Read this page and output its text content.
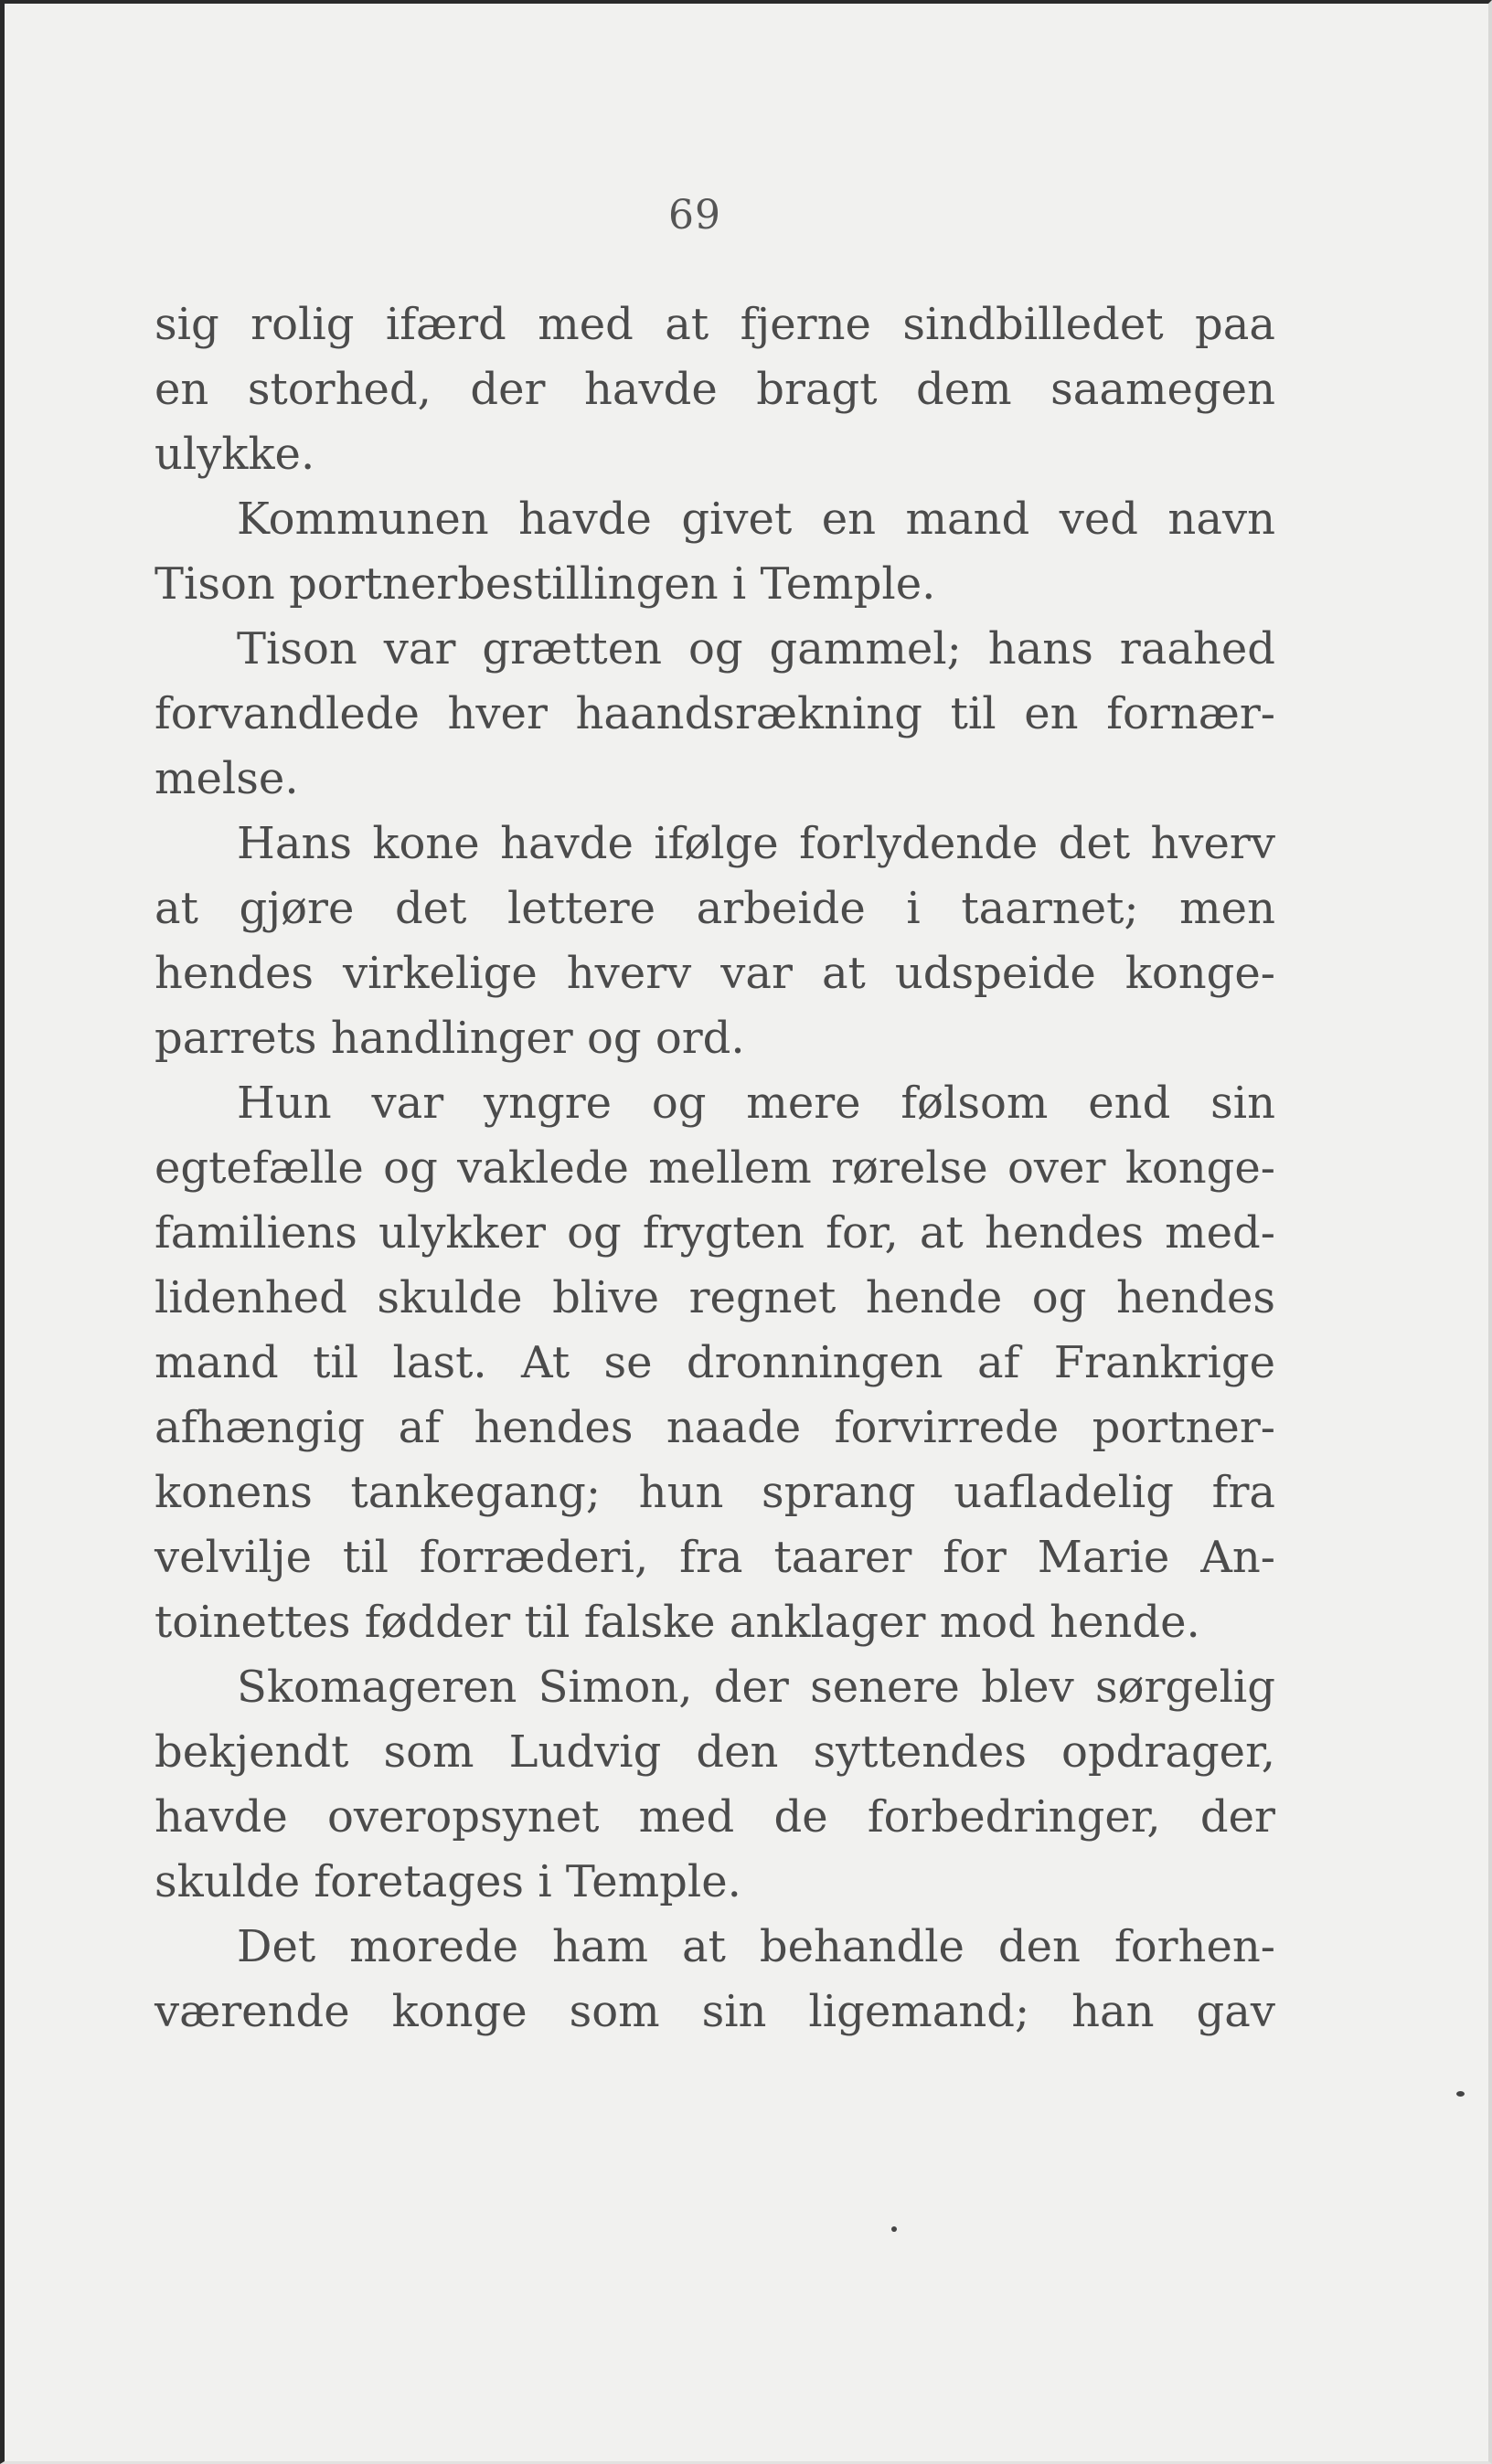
69
sig rolig ifærd med at fjerne sindbilledet paa
en storhed, der havde bragt dem saamegen
ulykke.
Kommunen havde givet en mand ved navn
Tison portnerbestillingen i Temple.
Tison var grætten og gammel; hans raahed
forvandlede hver haandsrækning til en fornær-
melse.
Hans kone havde ifølge forlydende det hverv
at gjøre det lettere arbeide i taarnet; men
hendes virkelige hverv var at udspeide konge-
parrets handlinger og ord.
Hun var yngre og mere følsom end sin
egtefælle og vaklede mellem rørelse over konge-
familiens ulykker og frygten for, at hendes med-
lidenhed skulde blive regnet hende og hendes
mand til last. At se dronningen af Frankrige
afhængig af hendes naade forvirrede portner-
konens tankegang; hun sprang uafladelig fra
velvilje til forræderi, fra taarer for Marie An-
toinettes fødder til falske anklager mod hende.
Skomageren Simon, der senere blev sørgelig
bekjendt som Ludvig den syttendes opdrager,
havde overopsynet med de forbedringer, der
skulde foretages i Temple.
Det morede ham at behandle den forhen-
værende konge som sin ligemand; han gav
